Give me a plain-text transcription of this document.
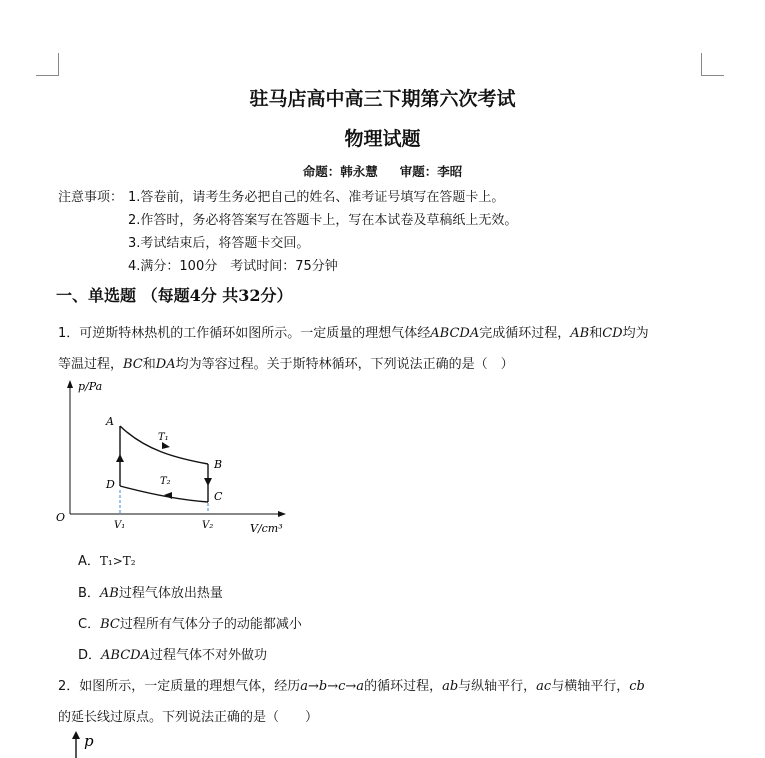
驻马店高中高三下期第六次考试
物理试题
命题：韩永慧 审题：李昭
注意事项： 1.答卷前，请考生务必把自己的姓名、准考证号填写在答题卡上。
2.作答时，务必将答案写在答题卡上，写在本试卷及草稿纸上无效。
3.考试结束后，将答题卡交回。
4.满分：100分　考试时间：75分钟
一、单选题 （每题4分 共32分）
1．可逆斯特林热机的工作循环如图所示。一定质量的理想气体经ABCDA完成循环过程，AB和CD均为
等温过程，BC和DA均为等容过程。关于斯特林循环，下列说法正确的是（　）
p/Pa
V/cm³
O
A
B
C
D
T₁
T₂
V₁	V₂
A．T₁>T₂
B．AB过程气体放出热量
C．BC过程所有气体分子的动能都减小
D．ABCDA过程气体不对外做功
2．如图所示，一定质量的理想气体，经历a→b→c→a的循环过程，ab与纵轴平行，ac与横轴平行，cb
的延长线过原点。下列说法正确的是（　　）
p
